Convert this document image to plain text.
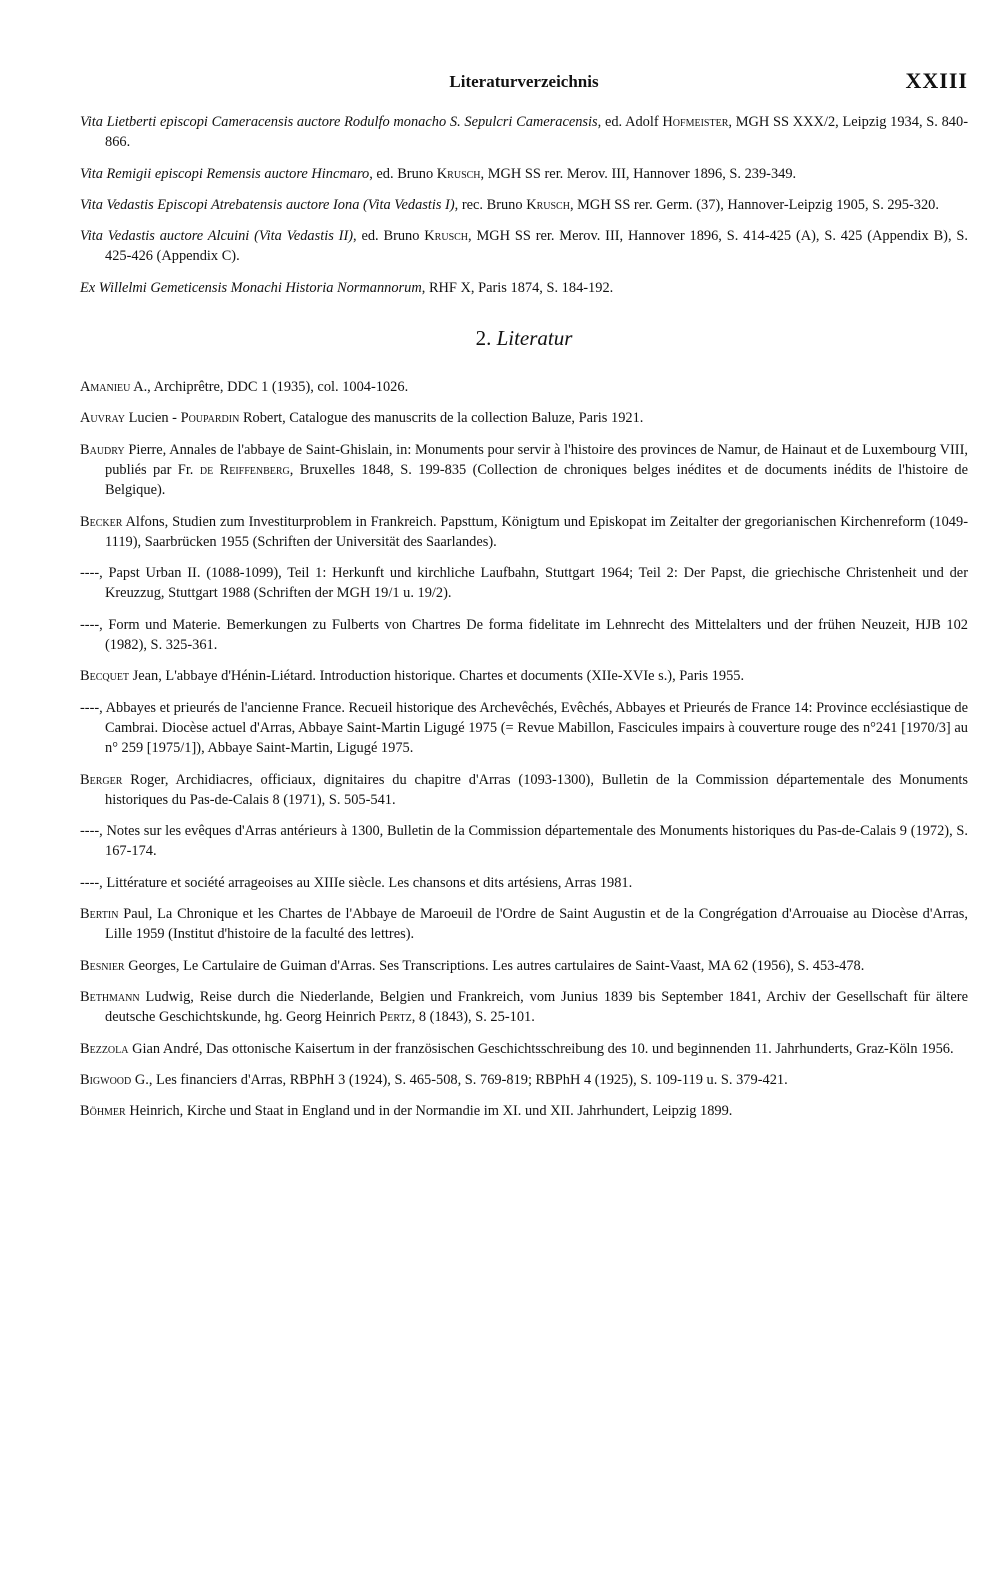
Literaturverzeichnis	XXIII

Vita Lietberti episcopi Cameracensis auctore Rodulfo monacho S. Sepulcri Cameracensis, ed. Adolf Hofmeister, MGH SS XXX/2, Leipzig 1934, S. 840-866.

Vita Remigii episcopi Remensis auctore Hincmaro, ed. Bruno Krusch, MGH SS rer. Merov. III, Hannover 1896, S. 239-349.

Vita Vedastis Episcopi Atrebatensis auctore Iona (Vita Vedastis I), rec. Bruno Krusch, MGH SS rer. Germ. (37), Hannover-Leipzig 1905, S. 295-320.

Vita Vedastis auctore Alcuini (Vita Vedastis II), ed. Bruno Krusch, MGH SS rer. Merov. III, Hannover 1896, S. 414-425 (A), S. 425 (Appendix B), S. 425-426 (Appendix C).

Ex Willelmi Gemeticensis Monachi Historia Normannorum, RHF X, Paris 1874, S. 184-192.

2. Literatur

Amanieu A., Archiprêtre, DDC 1 (1935), col. 1004-1026.

Auvray Lucien - Poupardin Robert, Catalogue des manuscrits de la collection Baluze, Paris 1921.

Baudry Pierre, Annales de l'abbaye de Saint-Ghislain, in: Monuments pour servir à l'histoire des provinces de Namur, de Hainaut et de Luxembourg VIII, publiés par Fr. de Reiffenberg, Bruxelles 1848, S. 199-835 (Collection de chroniques belges inédites et de documents inédits de l'histoire de Belgique).

Becker Alfons, Studien zum Investiturproblem in Frankreich. Papsttum, Königtum und Episkopat im Zeitalter der gregorianischen Kirchenreform (1049-1119), Saarbrücken 1955 (Schriften der Universität des Saarlandes).

----, Papst Urban II. (1088-1099), Teil 1: Herkunft und kirchliche Laufbahn, Stuttgart 1964; Teil 2: Der Papst, die griechische Christenheit und der Kreuzzug, Stuttgart 1988 (Schriften der MGH 19/1 u. 19/2).

----, Form und Materie. Bemerkungen zu Fulberts von Chartres De forma fidelitate im Lehnrecht des Mittelalters und der frühen Neuzeit, HJB 102 (1982), S. 325-361.

Becquet Jean, L'abbaye d'Hénin-Liétard. Introduction historique. Chartes et documents (XIIe-XVIe s.), Paris 1955.

----, Abbayes et prieurés de l'ancienne France. Recueil historique des Archevêchés, Evêchés, Abbayes et Prieurés de France 14: Province ecclésiastique de Cambrai. Diocèse actuel d'Arras, Abbaye Saint-Martin Ligugé 1975 (= Revue Mabillon, Fascicules impairs à couverture rouge des n°241 [1970/3] au n° 259 [1975/1]), Abbaye Saint-Martin, Ligugé 1975.

Berger Roger, Archidiacres, officiaux, dignitaires du chapitre d'Arras (1093-1300), Bulletin de la Commission départementale des Monuments historiques du Pas-de-Calais 8 (1971), S. 505-541.

----, Notes sur les evêques d'Arras antérieurs à 1300, Bulletin de la Commission départementale des Monuments historiques du Pas-de-Calais 9 (1972), S. 167-174.

----, Littérature et société arrageoises au XIIIe siècle. Les chansons et dits artésiens, Arras 1981.

Bertin Paul, La Chronique et les Chartes de l'Abbaye de Maroeuil de l'Ordre de Saint Augustin et de la Congrégation d'Arrouaise au Diocèse d'Arras, Lille 1959 (Institut d'histoire de la faculté des lettres).

Besnier Georges, Le Cartulaire de Guiman d'Arras. Ses Transcriptions. Les autres cartulaires de Saint-Vaast, MA 62 (1956), S. 453-478.

Bethmann Ludwig, Reise durch die Niederlande, Belgien und Frankreich, vom Junius 1839 bis September 1841, Archiv der Gesellschaft für ältere deutsche Geschichtskunde, hg. Georg Heinrich Pertz, 8 (1843), S. 25-101.

Bezzola Gian André, Das ottonische Kaisertum in der französischen Geschichtsschreibung des 10. und beginnenden 11. Jahrhunderts, Graz-Köln 1956.

Bigwood G., Les financiers d'Arras, RBPhH 3 (1924), S. 465-508, S. 769-819; RBPhH 4 (1925), S. 109-119 u. S. 379-421.

Böhmer Heinrich, Kirche und Staat in England und in der Normandie im XI. und XII. Jahrhundert, Leipzig 1899.
